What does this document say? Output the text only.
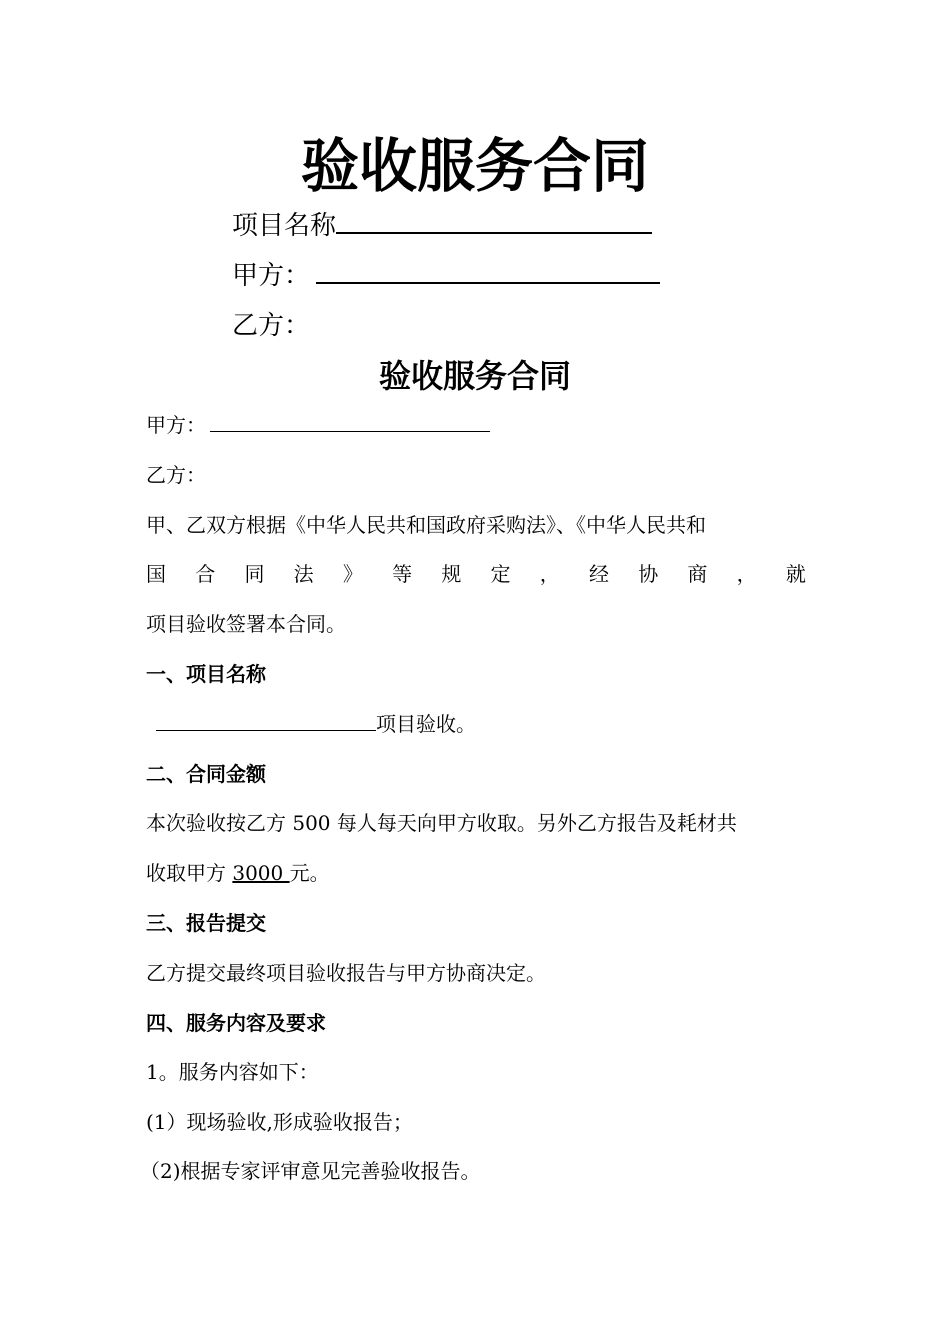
验收服务合同
项目名称
甲方：
乙方：
验收服务合同
甲方：
乙方：
甲、乙双方根据《中华人民共和国政府采购法》、《中华人民共和
国 合 同 法 》 等 规 定 ， 经 协 商 ， 就
项目验收签署本合同。
一、项目名称
项目验收。
二、合同金额
本次验收按乙方 500 每人每天向甲方收取。另外乙方报告及耗材共
收取甲方 3000 元。
三、报告提交
乙方提交最终项目验收报告与甲方协商决定。
四、服务内容及要求
1。服务内容如下：
(1）现场验收,形成验收报告；
（2)根据专家评审意见完善验收报告。
